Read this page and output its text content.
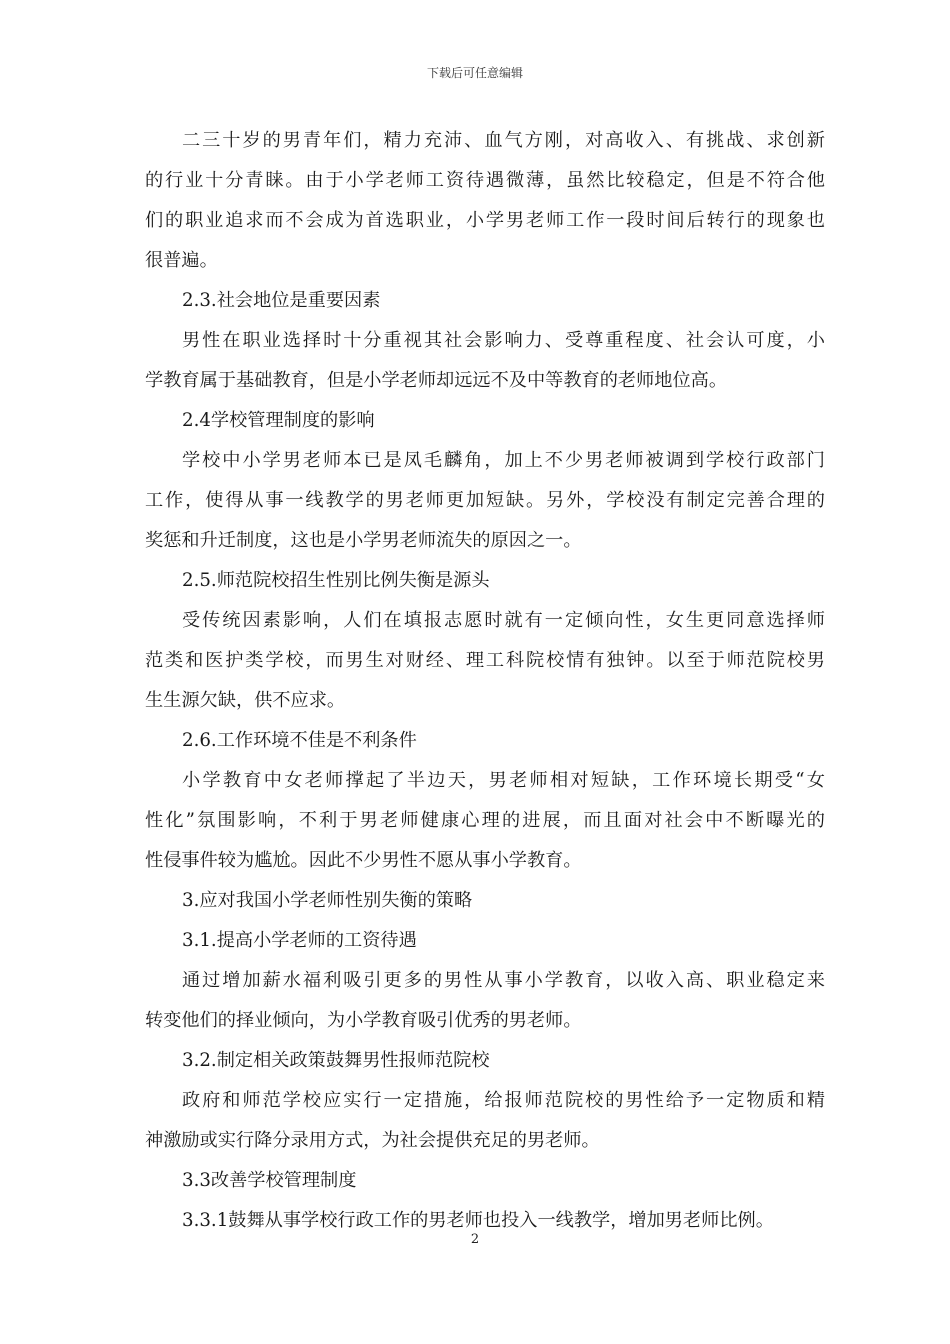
下载后可任意编辑
二三十岁的男青年们，精力充沛、血气方刚，对高收入、有挑战、求创新
的行业十分青睐。由于小学老师工资待遇微薄，虽然比较稳定，但是不符合他
们的职业追求而不会成为首选职业，小学男老师工作一段时间后转行的现象也
很普遍。
2.3.社会地位是重要因素
男性在职业选择时十分重视其社会影响力、受尊重程度、社会认可度，小
学教育属于基础教育，但是小学老师却远远不及中等教育的老师地位高。
2.4学校管理制度的影响
学校中小学男老师本已是凤毛麟角，加上不少男老师被调到学校行政部门
工作，使得从事一线教学的男老师更加短缺。另外，学校没有制定完善合理的
奖惩和升迁制度，这也是小学男老师流失的原因之一。
2.5.师范院校招生性别比例失衡是源头
受传统因素影响，人们在填报志愿时就有一定倾向性，女生更同意选择师
范类和医护类学校，而男生对财经、理工科院校情有独钟。以至于师范院校男
生生源欠缺，供不应求。
2.6.工作环境不佳是不利条件
小学教育中女老师撑起了半边天，男老师相对短缺，工作环境长期受“女
性化”氛围影响，不利于男老师健康心理的进展，而且面对社会中不断曝光的
性侵事件较为尴尬。因此不少男性不愿从事小学教育。
3.应对我国小学老师性别失衡的策略
3.1.提高小学老师的工资待遇
通过增加薪水福利吸引更多的男性从事小学教育，以收入高、职业稳定来
转变他们的择业倾向，为小学教育吸引优秀的男老师。
3.2.制定相关政策鼓舞男性报师范院校
政府和师范学校应实行一定措施，给报师范院校的男性给予一定物质和精
神激励或实行降分录用方式，为社会提供充足的男老师。
3.3改善学校管理制度
3.3.1鼓舞从事学校行政工作的男老师也投入一线教学，增加男老师比例。
2
